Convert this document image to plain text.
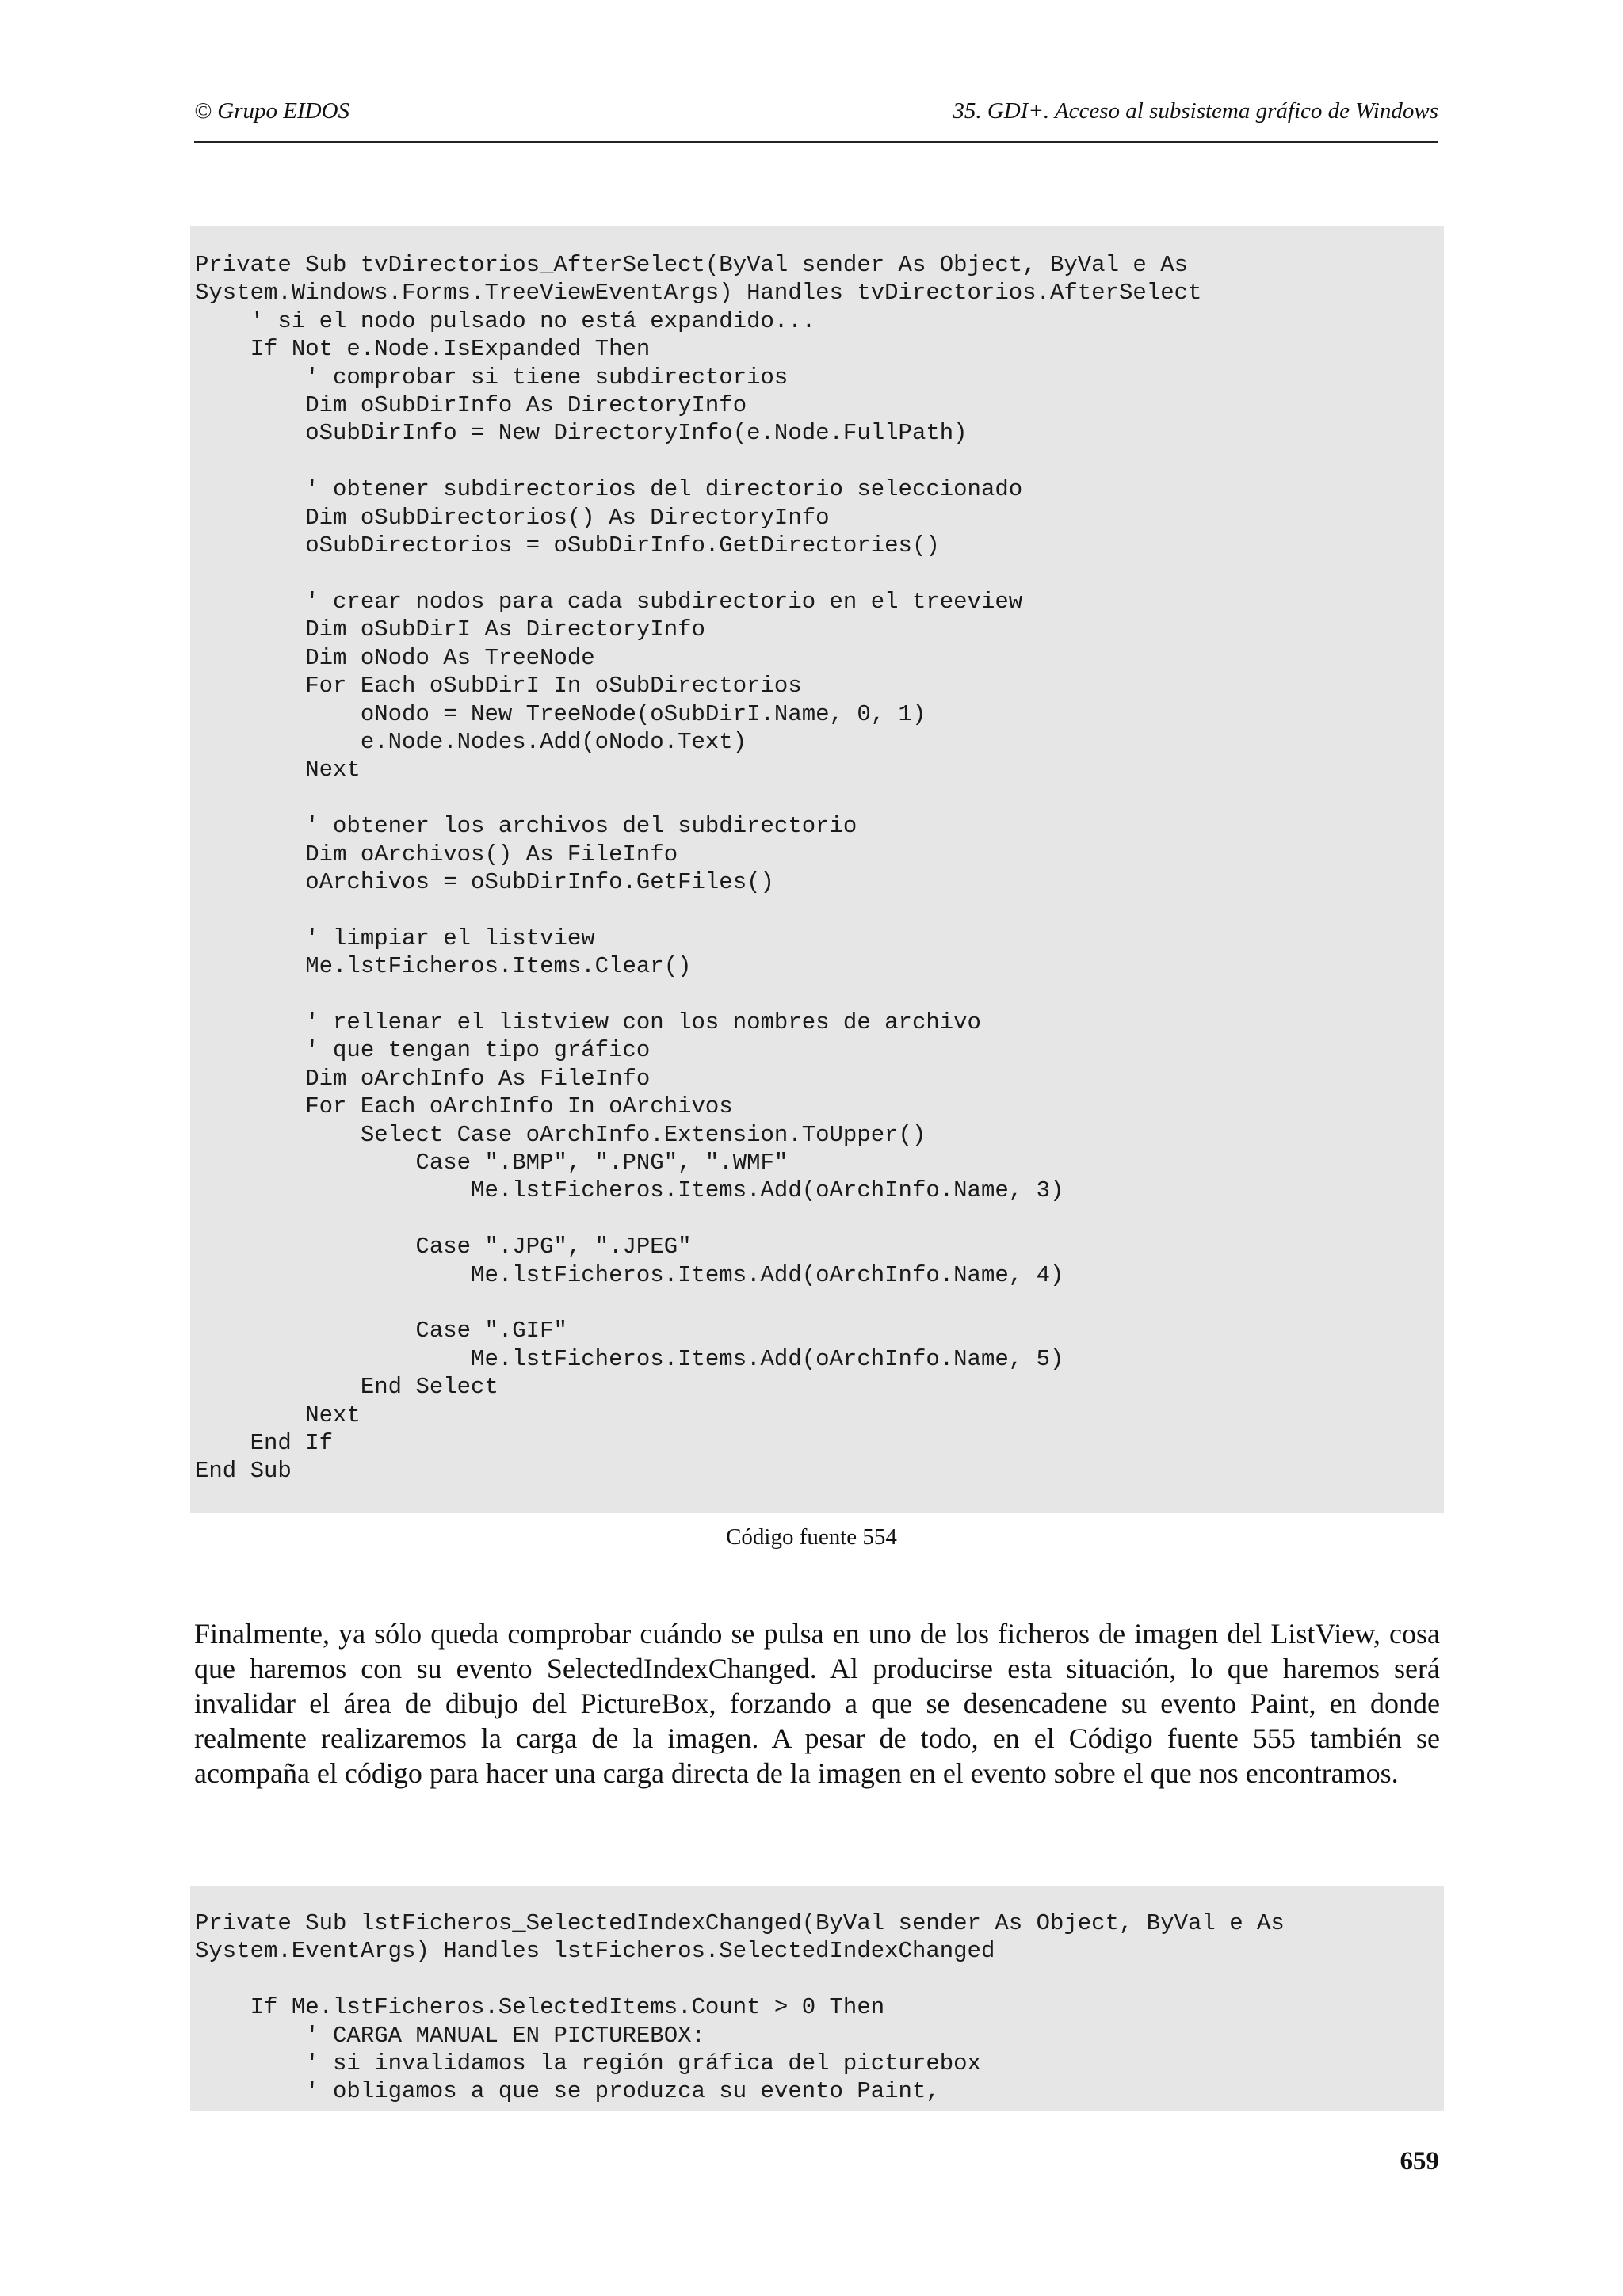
© Grupo EIDOS	35. GDI+. Acceso al subsistema gráfico de Windows
Private Sub tvDirectorios_AfterSelect(ByVal sender As Object, ByVal e As
System.Windows.Forms.TreeViewEventArgs) Handles tvDirectorios.AfterSelect
' si el nodo pulsado no está expandido...
If Not e.Node.IsExpanded Then
' comprobar si tiene subdirectorios
Dim oSubDirInfo As DirectoryInfo
oSubDirInfo = New DirectoryInfo(e.Node.FullPath)

' obtener subdirectorios del directorio seleccionado
Dim oSubDirectorios() As DirectoryInfo
oSubDirectorios = oSubDirInfo.GetDirectories()

' crear nodos para cada subdirectorio en el treeview
Dim oSubDirI As DirectoryInfo
Dim oNodo As TreeNode
For Each oSubDirI In oSubDirectorios
oNodo = New TreeNode(oSubDirI.Name, 0, 1)
e.Node.Nodes.Add(oNodo.Text)
Next

' obtener los archivos del subdirectorio
Dim oArchivos() As FileInfo
oArchivos = oSubDirInfo.GetFiles()

' limpiar el listview
Me.lstFicheros.Items.Clear()

' rellenar el listview con los nombres de archivo
' que tengan tipo gráfico
Dim oArchInfo As FileInfo
For Each oArchInfo In oArchivos
Select Case oArchInfo.Extension.ToUpper()
Case ".BMP", ".PNG", ".WMF"
Me.lstFicheros.Items.Add(oArchInfo.Name, 3)

Case ".JPG", ".JPEG"
Me.lstFicheros.Items.Add(oArchInfo.Name, 4)

Case ".GIF"
Me.lstFicheros.Items.Add(oArchInfo.Name, 5)
End Select
Next
End If
End Sub
Código fuente 554

Finalmente, ya sólo queda comprobar cuándo se pulsa en uno de los ficheros de imagen del ListView, cosa que haremos con su evento SelectedIndexChanged. Al producirse esta situación, lo que haremos será invalidar el área de dibujo del PictureBox, forzando a que se desencadene su evento Paint, en donde realmente realizaremos la carga de la imagen. A pesar de todo, en el Código fuente 555 también se acompaña el código para hacer una carga directa de la imagen en el evento sobre el que nos encontramos.

Private Sub lstFicheros_SelectedIndexChanged(ByVal sender As Object, ByVal e As
System.EventArgs) Handles lstFicheros.SelectedIndexChanged

If Me.lstFicheros.SelectedItems.Count > 0 Then
' CARGA MANUAL EN PICTUREBOX:
' si invalidamos la región gráfica del picturebox
' obligamos a que se produzca su evento Paint,
659
